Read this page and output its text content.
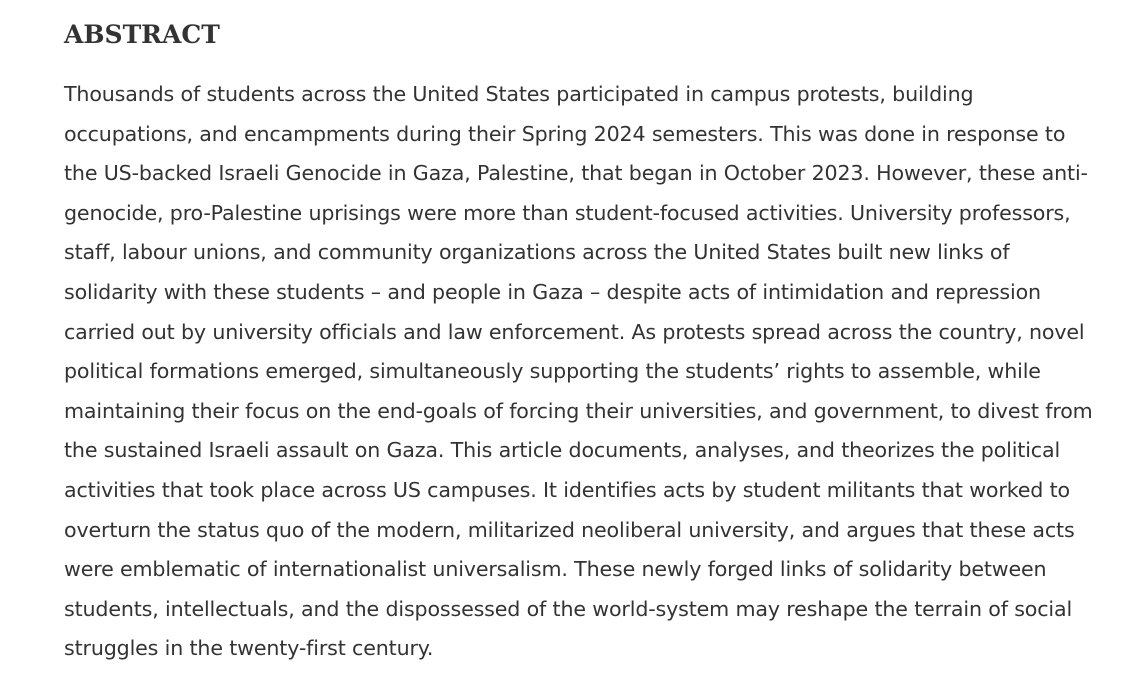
ABSTRACT

Thousands of students across the United States participated in campus protests, building occupations, and encampments during their Spring 2024 semesters. This was done in response to the US-backed Israeli Genocide in Gaza, Palestine, that began in October 2023. However, these anti-genocide, pro-Palestine uprisings were more than student-focused activities. University professors, staff, labour unions, and community organizations across the United States built new links of solidarity with these students – and people in Gaza – despite acts of intimidation and repression carried out by university officials and law enforcement. As protests spread across the country, novel political formations emerged, simultaneously supporting the students’ rights to assemble, while maintaining their focus on the end-goals of forcing their universities, and government, to divest from the sustained Israeli assault on Gaza. This article documents, analyses, and theorizes the political activities that took place across US campuses. It identifies acts by student militants that worked to overturn the status quo of the modern, militarized neoliberal university, and argues that these acts were emblematic of internationalist universalism. These newly forged links of solidarity between students, intellectuals, and the dispossessed of the world-system may reshape the terrain of social struggles in the twenty-first century.
